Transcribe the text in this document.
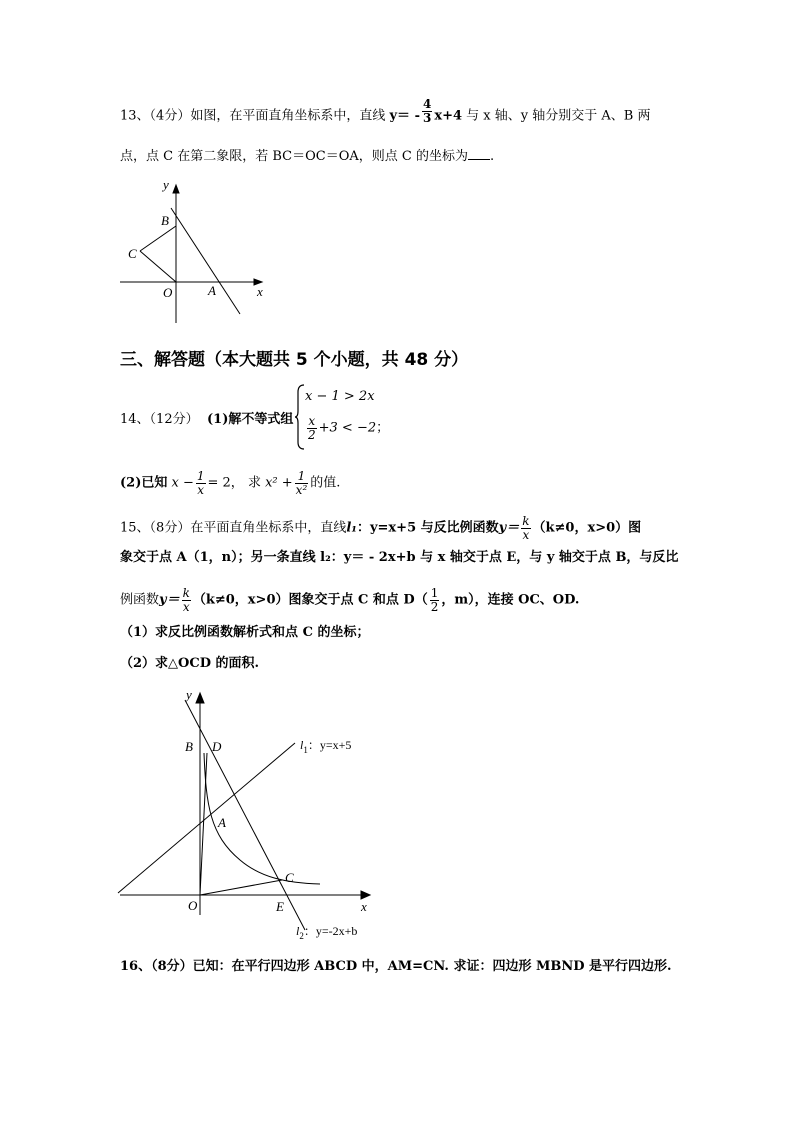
13、（4分）如图，在平面直角坐标系中，直线 $y= - \frac{4}{3} x+4$ 与 x 轴、y 轴分别交于 A、B 两
点，点 C 在第二象限，若 BC＝OC＝OA，则点 C 的坐标为 .
y
B
C
O	A	x
三、解答题（本大题共 5 个小题，共 48 分）
14、（12分） (1)解不等式组
x − 1 > 2x
$\frac{x}{2} +3 < -2$；
(2)已知 $x - \frac{1}{x} = 2$， 求 $x^2 + \frac{1}{\text{x²}}$ 的值.
15、（8分）在平面直角坐标系中，直线l₁：y=x+5 与反比例函数$y= \frac{k}{x} (k\ne 0$，x>0）图
象交于点 A（1，n）；另一条直线 l₂：y＝ - 2x+b 与 x 轴交于点 E，与 y 轴交于点 B，与反比
例函数$y= \frac{k}{x} (k\ne 0$，x>0）图象交于点 C 和点 $D( \frac{1}{2}$ ，m），连接 OC、OD.
（1）求反比例函数解析式和点 C 的坐标；
（2）求△OCD 的面积.
y
B D
A
C
O	E	x
$l_1$：y=x+5
$l_2$：y=-2x+b
16、（8分）已知：在平行四边形 ABCD 中，AM=CN. 求证：四边形 MBND 是平行四边形.
